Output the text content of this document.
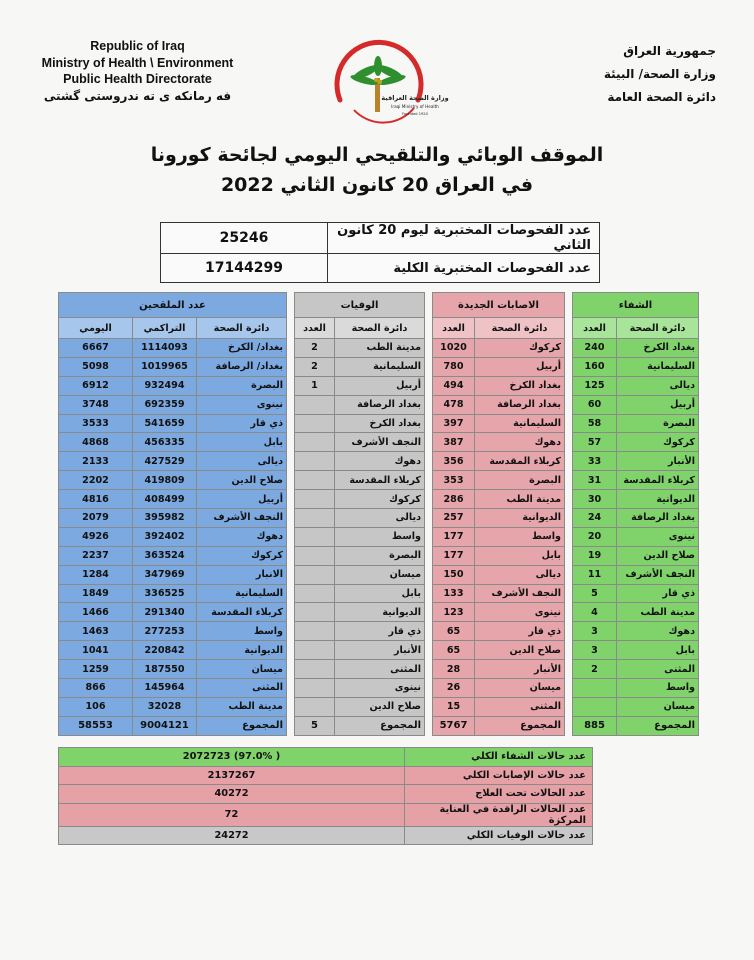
Republic of Iraq
Ministry of Health \ Environment
Public Health Directorate
فه رمانكه ى ته ندروستى گشتى
جمهورية العراق
وزارة الصحة/ البيئة
دائرة الصحة العامة
وزارة الصحة العراقية
Iraqi Ministry of Health
Founded 1920
الموقف الوبائي والتلقيحي اليومي لجائحة كورونا
في العراق 20 كانون الثاني 2022
عدد الفحوصات المختبرية ليوم 20 كانون الثاني	25246
عدد الفحوصات المختبرية الكلية	17144299
الشفاء			الاصابات الجديدة			الوفيات			عدد الملقحين		
دائرة الصحة	العدد		دائرة الصحة	العدد		دائرة الصحة	العدد		دائرة الصحة	التراكمي	اليومي
بغداد الكرخ	240		كركوك	1020		مدينة الطب	2		بغداد/ الكرخ	1114093	6667
السليمانية	160		أربيل	780		السليمانية	2		بغداد/ الرصافة	1019965	5098
ديالى	125		بغداد الكرخ	494		أربيل	1		البصرة	932494	6912
أربيل	60		بغداد الرصافة	478		بغداد الرصافة			نينوى	692359	3748
البصرة	58		السليمانية	397		بغداد الكرخ			ذي قار	541659	3533
كركوك	57		دهوك	387		النجف الأشرف			بابل	456335	4868
الأنبار	33		كربلاء المقدسة	356		دهوك			ديالى	427529	2133
كربلاء المقدسة	31		البصرة	353		كربلاء المقدسة			صلاح الدين	419809	2202
الديوانية	30		مدينة الطب	286		كركوك			أربيل	408499	4816
بغداد الرصافة	24		الديوانية	257		ديالى			النجف الأشرف	395982	2079
نينوى	20		واسط	177		واسط			دهوك	392402	4926
صلاح الدين	19		بابل	177		البصرة			كركوك	363524	2237
النجف الأشرف	11		ديالى	150		ميسان			الانبار	347969	1284
ذي قار	5		النجف الأشرف	133		بابل			السليمانية	336525	1849
مدينة الطب	4		نينوى	123		الديوانية			كربلاء المقدسة	291340	1466
دهوك	3		ذي قار	65		ذي قار			واسط	277253	1463
بابل	3		صلاح الدين	65		الأنبار			الديوانية	220842	1041
المثنى	2		الأنبار	28		المثنى			ميسان	187550	1259
واسط			ميسان	26		نينوى			المثنى	145964	866
ميسان			المثنى	15		صلاح الدين			مدينة الطب	32028	106
المجموع	885		المجموع	5767		المجموع	5		المجموع	9004121	58553
عدد حالات الشفاء الكلي	( 97.0%) 2072723
عدد حالات الإصابات الكلي	2137267
عدد الحالات تحت العلاج	40272
عدد الحالات الراقدة في العناية المركزة	72
عدد حالات الوفيات الكلي	24272
